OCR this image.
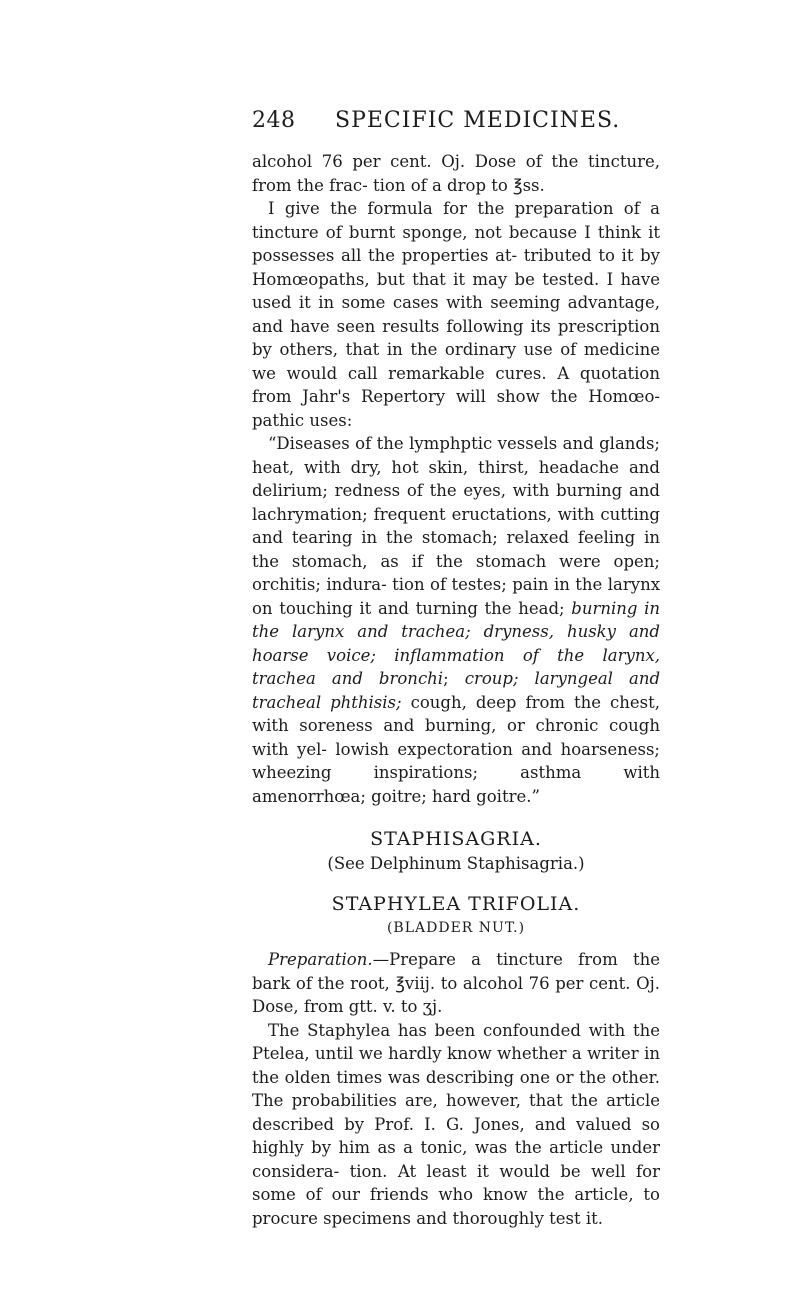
248 SPECIFIC MEDICINES.

alcohol 76 per cent. Oj. Dose of the tincture, from the frac- tion of a drop to ℥ss.

I give the formula for the preparation of a tincture of burnt sponge, not because I think it possesses all the properties at- tributed to it by Homœopaths, but that it may be tested. I have used it in some cases with seeming advantage, and have seen results following its prescription by others, that in the ordinary use of medicine we would call remarkable cures. A quotation from Jahr's Repertory will show the Homœo- pathic uses:

“Diseases of the lymphptic vessels and glands; heat, with dry, hot skin, thirst, headache and delirium; redness of the eyes, with burning and lachrymation; frequent eructations, with cutting and tearing in the stomach; relaxed feeling in the stomach, as if the stomach were open; orchitis; indura- tion of testes; pain in the larynx on touching it and turning the head; burning in the larynx and trachea; dryness, husky and hoarse voice; inflammation of the larynx, trachea and bronchi; croup; laryngeal and tracheal phthisis; cough, deep from the chest, with soreness and burning, or chronic cough with yel- lowish expectoration and hoarseness; wheezing inspirations; asthma with amenorrhœa; goitre; hard goitre.”

STAPHISAGRIA.

(See Delphinum Staphisagria.)

STAPHYLEA TRIFOLIA.

(BLADDER NUT.)

Preparation.—Prepare a tincture from the bark of the root, ℥viij. to alcohol 76 per cent. Oj. Dose, from gtt. v. to ʒj.

The Staphylea has been confounded with the Ptelea, until we hardly know whether a writer in the olden times was describing one or the other. The probabilities are, however, that the article described by Prof. I. G. Jones, and valued so highly by him as a tonic, was the article under considera- tion. At least it would be well for some of our friends who know the article, to procure specimens and thoroughly test it.
